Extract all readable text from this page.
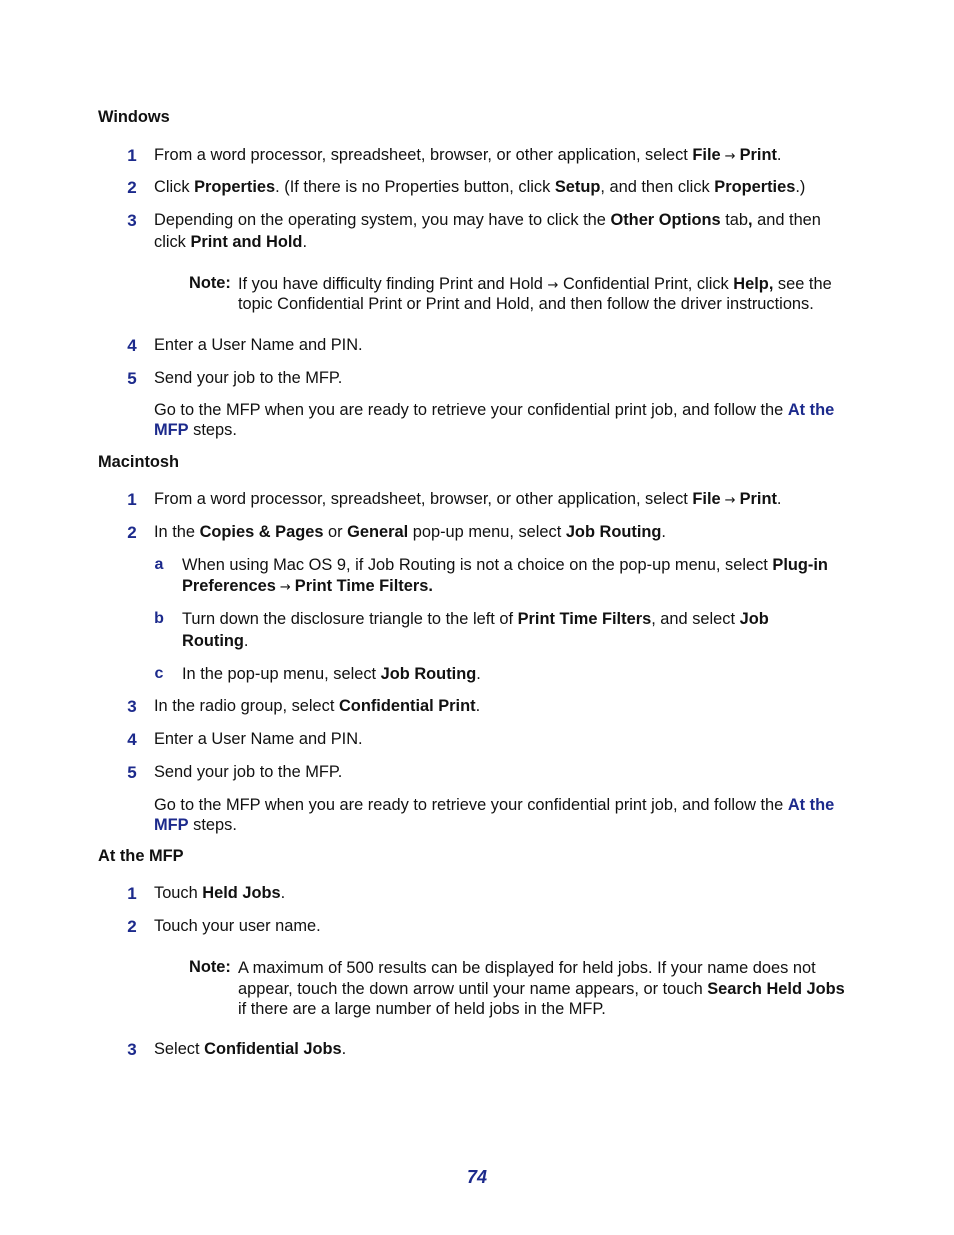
Windows
1 From a word processor, spreadsheet, browser, or other application, select File → Print.
2 Click Properties. (If there is no Properties button, click Setup, and then click Properties.)
3 Depending on the operating system, you may have to click the Other Options tab, and then
click Print and Hold.
Note: If you have difficulty finding Print and Hold → Confidential Print, click Help, see the
topic Confidential Print or Print and Hold, and then follow the driver instructions.
4 Enter a User Name and PIN.
5 Send your job to the MFP.
Go to the MFP when you are ready to retrieve your confidential print job, and follow the At the
MFP steps.
Macintosh
1 From a word processor, spreadsheet, browser, or other application, select File → Print.
2 In the Copies & Pages or General pop-up menu, select Job Routing.
a When using Mac OS 9, if Job Routing is not a choice on the pop-up menu, select Plug-in
Preferences → Print Time Filters.
b Turn down the disclosure triangle to the left of Print Time Filters, and select Job
Routing.
c In the pop-up menu, select Job Routing.
3 In the radio group, select Confidential Print.
4 Enter a User Name and PIN.
5 Send your job to the MFP.
Go to the MFP when you are ready to retrieve your confidential print job, and follow the At the
MFP steps.
At the MFP
1 Touch Held Jobs.
2 Touch your user name.
Note: A maximum of 500 results can be displayed for held jobs. If your name does not
appear, touch the down arrow until your name appears, or touch Search Held Jobs
if there are a large number of held jobs in the MFP.
3 Select Confidential Jobs.
74
